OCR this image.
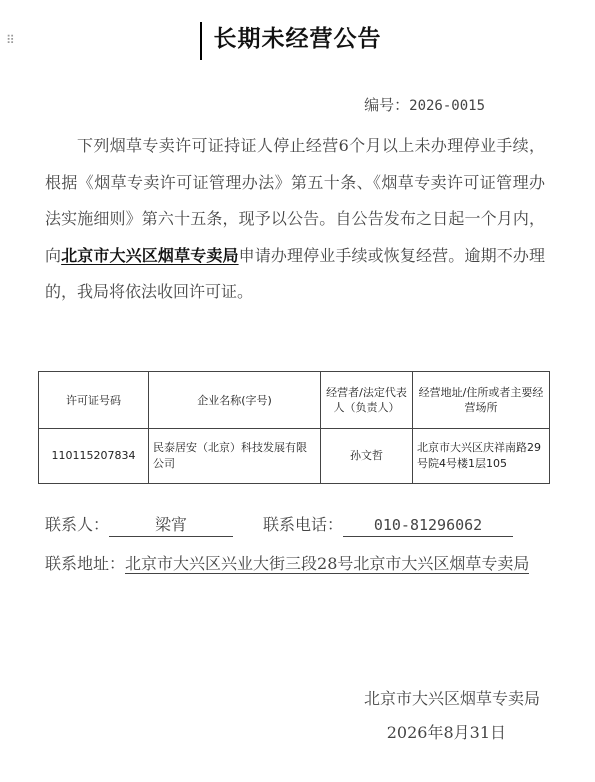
⠿	长期未经营公告
编号：2026-0015
下列烟草专卖许可证持证人停止经营6个月以上未办理停业手续，根据《烟草专卖许可证管理办法》第五十条、《烟草专卖许可证管理办法实施细则》第六十五条，现予以公告。自公告发布之日起一个月内，向北京市大兴区烟草专卖局申请办理停业手续或恢复经营。逾期不办理的，我局将依法收回许可证。
许可证号码	企业名称(字号)	经营者/法定代表人（负责人）	经营地址/住所或者主要经营场所
110115207834	民泰居安（北京）科技发展有限公司	孙文哲	北京市大兴区庆祥南路29号院4号楼1层105
联系人：	梁宵	联系电话： 010-81296062
联系地址：北京市大兴区兴业大街三段28号北京市大兴区烟草专卖局
北京市大兴区烟草专卖局
2026年8月31日
